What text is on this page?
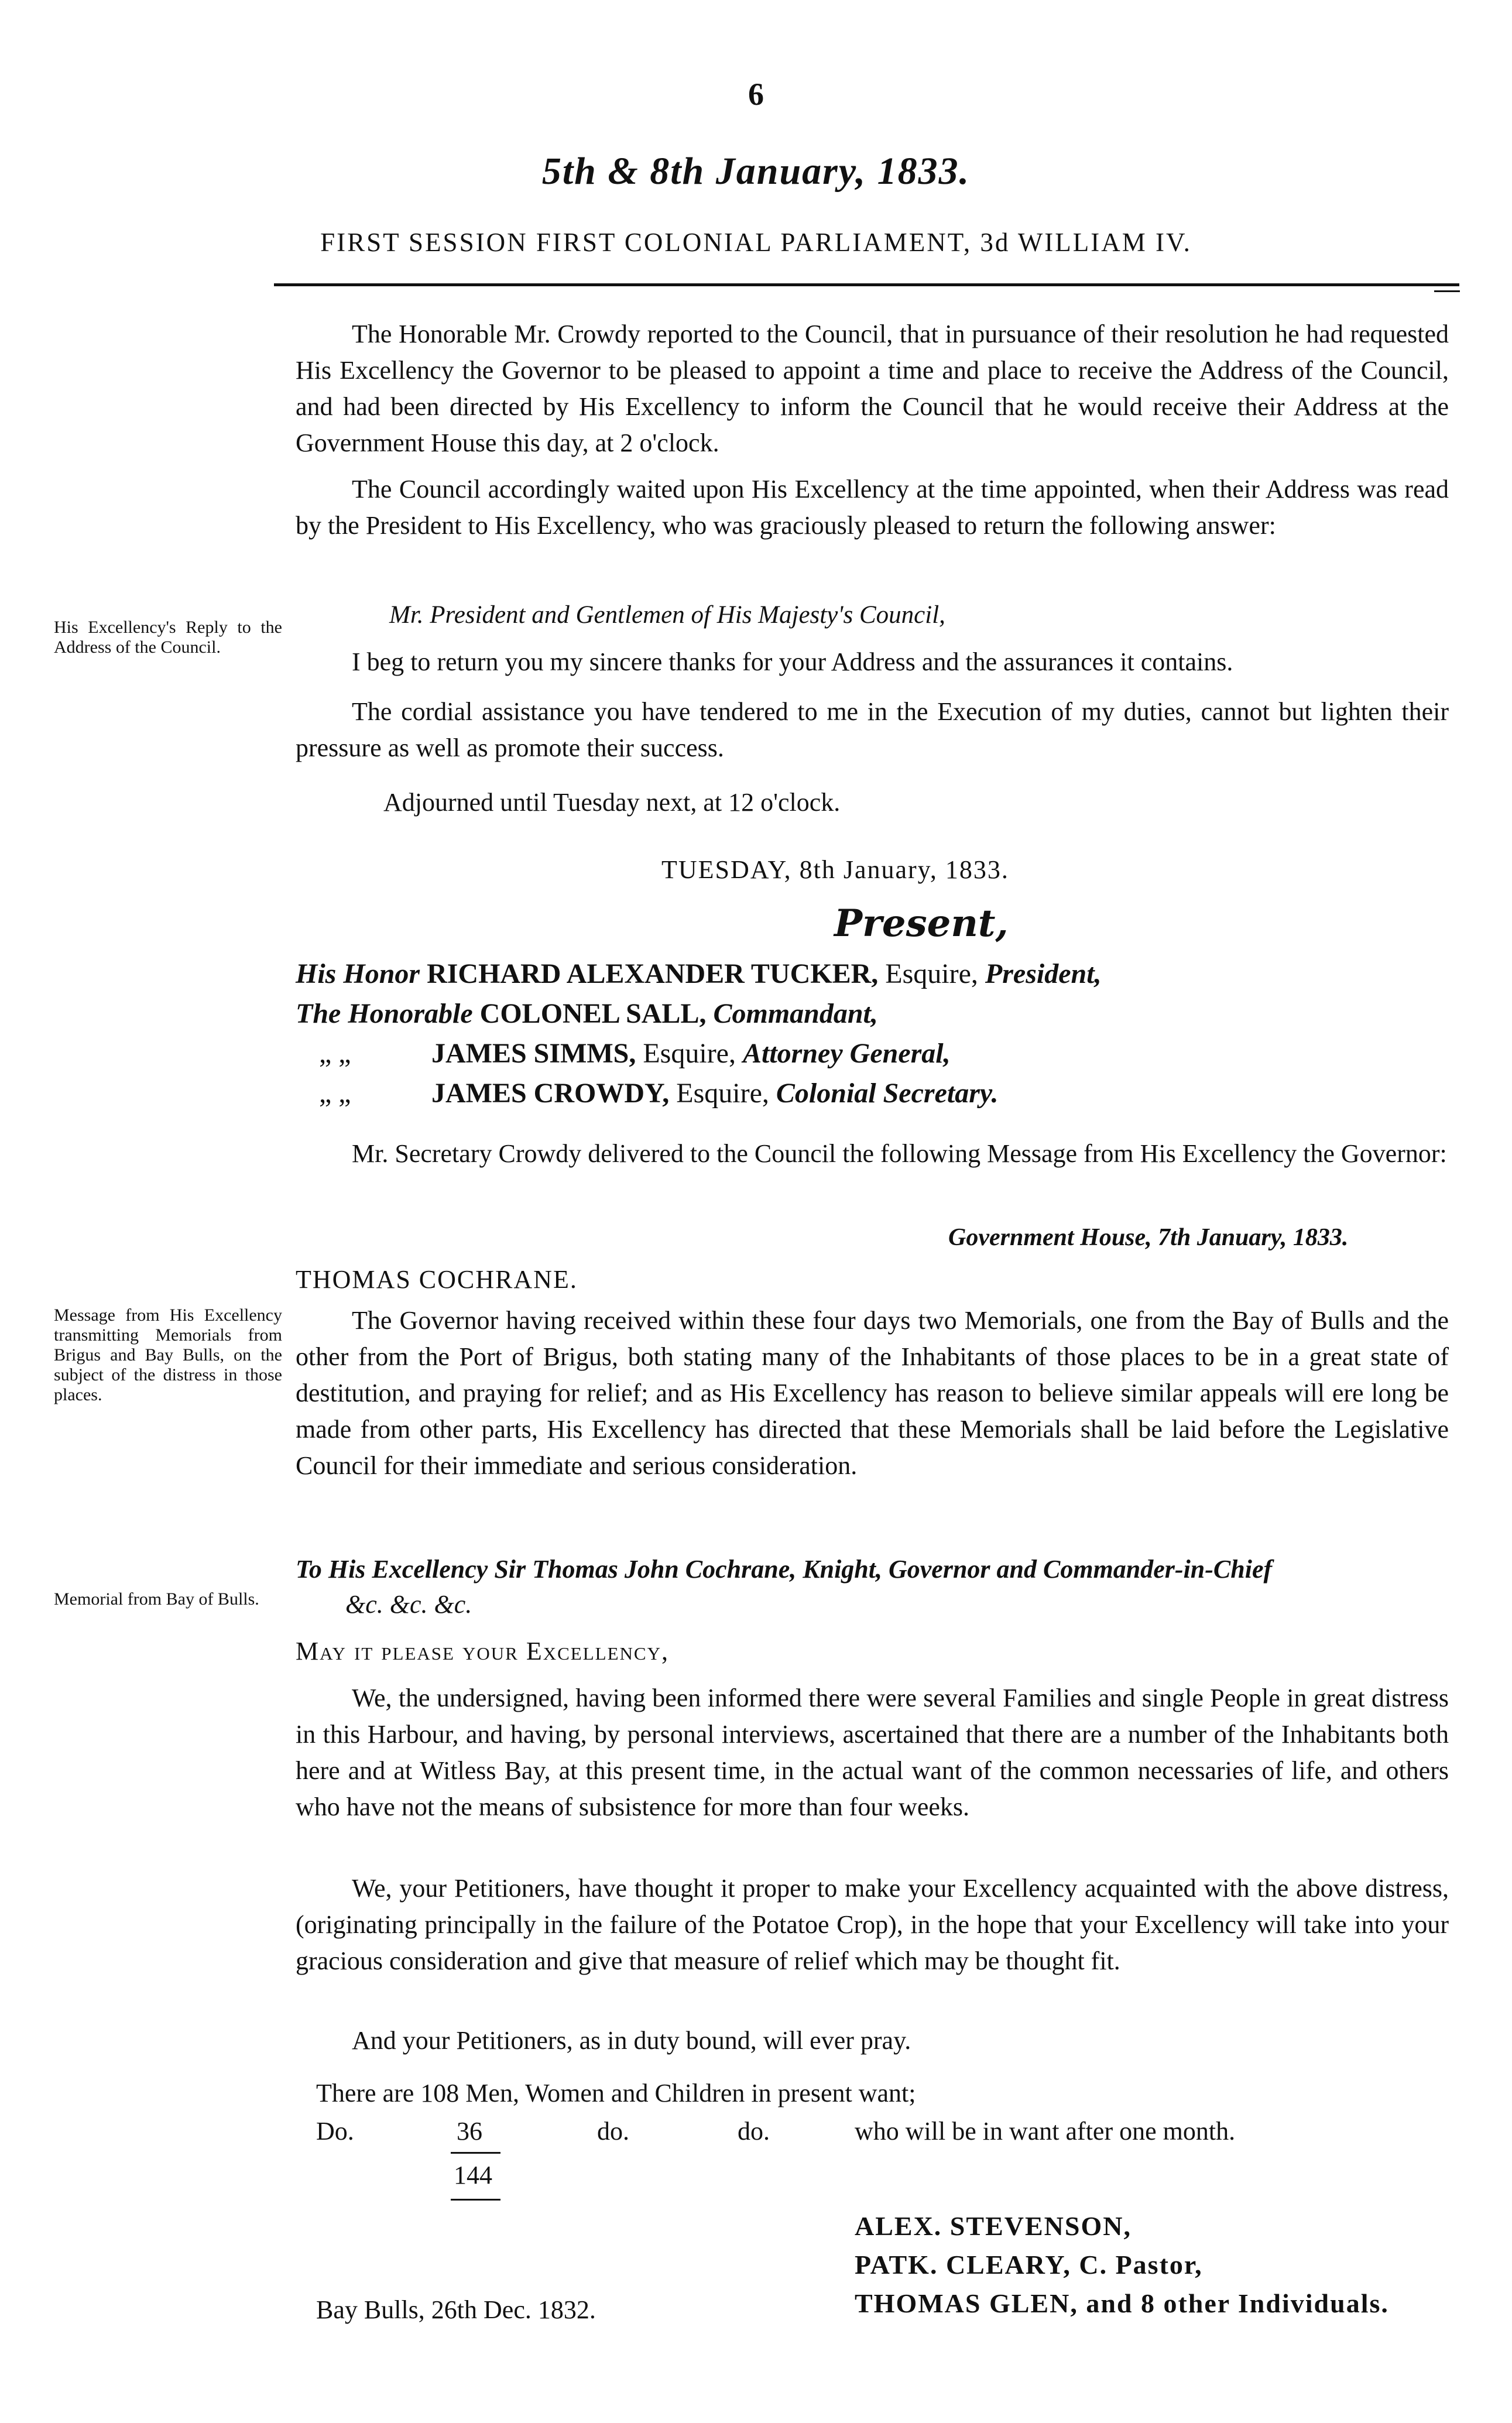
6
5th & 8th January, 1833.
FIRST SESSION FIRST COLONIAL PARLIAMENT, 3d WILLIAM IV.
The Honorable Mr. Crowdy reported to the Council, that in pursuance of their resolution he had requested His Excellency the Governor to be pleased to appoint a time and place to receive the Address of the Council, and had been directed by His Excellency to inform the Council that he would receive their Address at the Government House this day, at 2 o'clock.
The Council accordingly waited upon His Excellency at the time appointed, when their Address was read by the President to His Excellency, who was graciously pleased to return the following answer:
His Excellency's Reply to the Address of the Council.
Mr. President and Gentlemen of His Majesty's Council,
I beg to return you my sincere thanks for your Address and the assurances it contains.
The cordial assistance you have tendered to me in the Execution of my duties, cannot but lighten their pressure as well as promote their success.
Adjourned until Tuesday next, at 12 o'clock.
TUESDAY, 8th January, 1833.
Present,
His Honor RICHARD ALEXANDER TUCKER, Esquire, President,
The Honorable COLONEL SALL, Commandant,
„ „	JAMES SIMMS, Esquire, Attorney General,
„ „	JAMES CROWDY, Esquire, Colonial Secretary.
Mr. Secretary Crowdy delivered to the Council the following Message from His Excellency the Governor:
Government House, 7th January, 1833.
THOMAS COCHRANE.
Message from His Excellency transmitting Memorials from Brigus and Bay Bulls, on the subject of the distress in those places.
The Governor having received within these four days two Memorials, one from the Bay of Bulls and the other from the Port of Brigus, both stating many of the Inhabitants of those places to be in a great state of destitution, and praying for relief; and as His Excellency has reason to believe similar appeals will ere long be made from other parts, His Excellency has directed that these Memorials shall be laid before the Legislative Council for their immediate and serious consideration.
Memorial from Bay of Bulls.
To His Excellency Sir Thomas John Cochrane, Knight, Governor and Commander-in-Chief
&c. &c. &c.
May it please your Excellency,
We, the undersigned, having been informed there were several Families and single People in great distress in this Harbour, and having, by personal interviews, ascertained that there are a number of the Inhabitants both here and at Witless Bay, at this present time, in the actual want of the common necessaries of life, and others who have not the means of subsistence for more than four weeks.
We, your Petitioners, have thought it proper to make your Excellency acquainted with the above distress, (originating principally in the failure of the Potatoe Crop), in the hope that your Excellency will take into your gracious consideration and give that measure of relief which may be thought fit.
And your Petitioners, as in duty bound, will ever pray.
There are 108 Men, Women and Children in present want;
Do.	36	do.	do.	who will be in want after one month.
144
ALEX. STEVENSON,
PATK. CLEARY, C. Pastor,
THOMAS GLEN, and 8 other Individuals.
Bay Bulls, 26th Dec. 1832.
